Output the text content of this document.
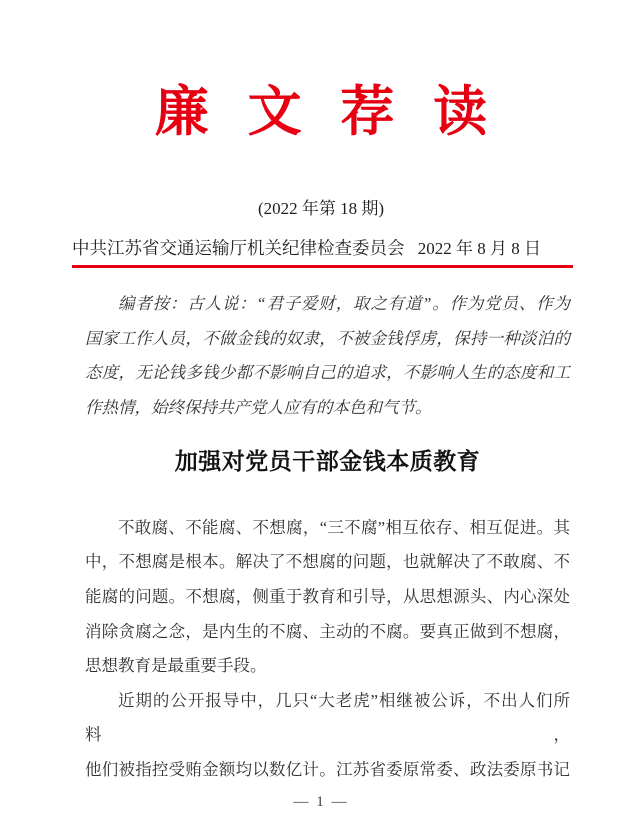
廉 文 荐 读
(2022 年第 18 期)
中共江苏省交通运输厅机关纪律检查委员会 2022 年 8 月 8 日
编者按：古人说：“君子爱财，取之有道”。作为党员、作为
国家工作人员，不做金钱的奴隶，不被金钱俘虏，保持一种淡泊的
态度，无论钱多钱少都不影响自己的追求，不影响人生的态度和工
作热情，始终保持共产党人应有的本色和气节。
加强对党员干部金钱本质教育
不敢腐、不能腐、不想腐，“三不腐”相互依存、相互促进。其
中，不想腐是根本。解决了不想腐的问题，也就解决了不敢腐、不
能腐的问题。不想腐，侧重于教育和引导，从思想源头、内心深处
消除贪腐之念，是内生的不腐、主动的不腐。要真正做到不想腐，
思想教育是最重要手段。
近期的公开报导中，几只“大老虎”相继被公诉，不出人们所料，
他们被指控受贿金额均以数亿计。江苏省委原常委、政法委原书记
— 1 —
